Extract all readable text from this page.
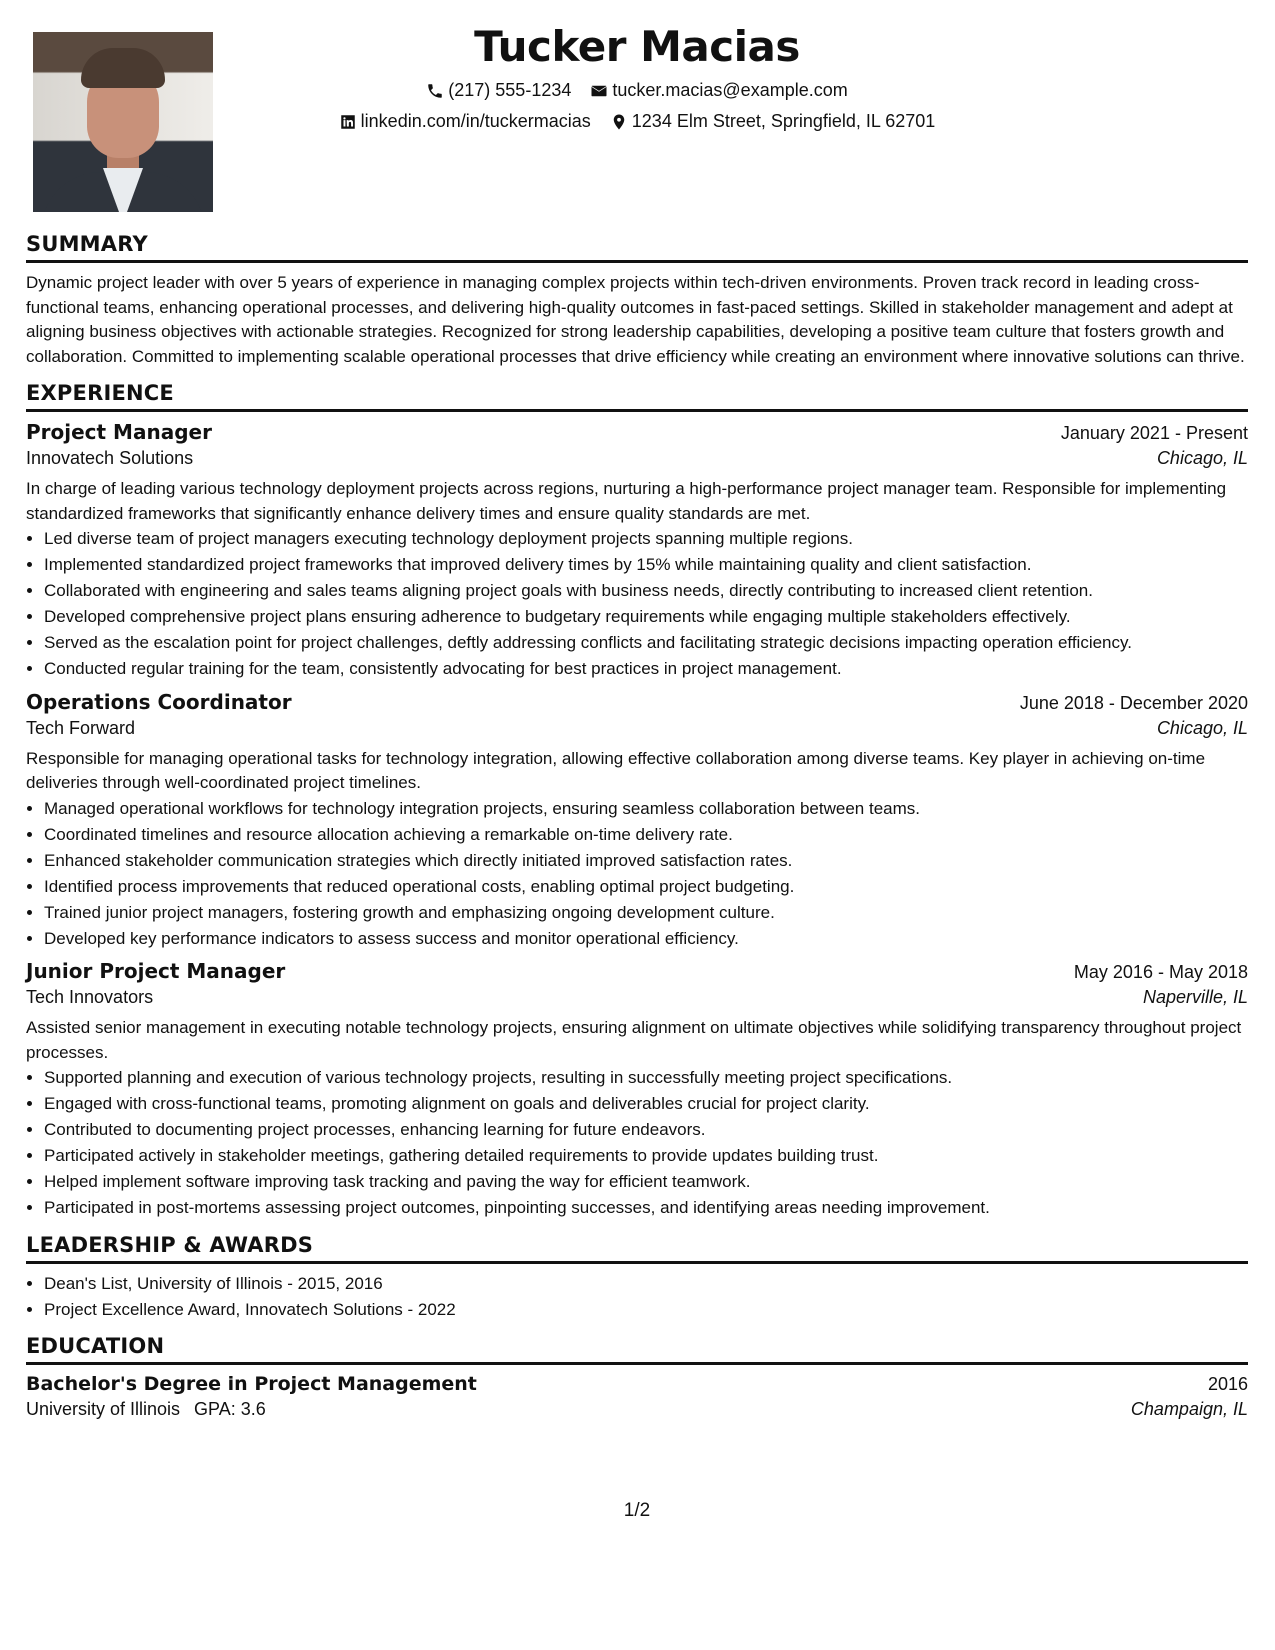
Tucker Macias
(217) 555-1234
tucker.macias@example.com
linkedin.com/in/tuckermacias
1234 Elm Street, Springfield, IL 62701
SUMMARY

Dynamic project leader with over 5 years of experience in managing complex projects within tech-driven environments. Proven track record in leading cross-functional teams, enhancing operational processes, and delivering high-quality outcomes in fast-paced settings. Skilled in stakeholder management and adept at aligning business objectives with actionable strategies. Recognized for strong leadership capabilities, developing a positive team culture that fosters growth and collaboration. Committed to implementing scalable operational processes that drive efficiency while creating an environment where innovative solutions can thrive.

EXPERIENCE
Project Manager	January 2021 - Present
Innovatech Solutions	Chicago, IL

In charge of leading various technology deployment projects across regions, nurturing a high-performance project manager team. Responsible for implementing standardized frameworks that significantly enhance delivery times and ensure quality standards are met.

• Led diverse team of project managers executing technology deployment projects spanning multiple regions.
• Implemented standardized project frameworks that improved delivery times by 15% while maintaining quality and client satisfaction.
• Collaborated with engineering and sales teams aligning project goals with business needs, directly contributing to increased client retention.
• Developed comprehensive project plans ensuring adherence to budgetary requirements while engaging multiple stakeholders effectively.
• Served as the escalation point for project challenges, deftly addressing conflicts and facilitating strategic decisions impacting operation efficiency.
• Conducted regular training for the team, consistently advocating for best practices in project management.
Operations Coordinator	June 2018 - December 2020
Tech Forward	Chicago, IL

Responsible for managing operational tasks for technology integration, allowing effective collaboration among diverse teams. Key player in achieving on-time deliveries through well-coordinated project timelines.

• Managed operational workflows for technology integration projects, ensuring seamless collaboration between teams.
• Coordinated timelines and resource allocation achieving a remarkable on-time delivery rate.
• Enhanced stakeholder communication strategies which directly initiated improved satisfaction rates.
• Identified process improvements that reduced operational costs, enabling optimal project budgeting.
• Trained junior project managers, fostering growth and emphasizing ongoing development culture.
• Developed key performance indicators to assess success and monitor operational efficiency.
Junior Project Manager	May 2016 - May 2018
Tech Innovators	Naperville, IL

Assisted senior management in executing notable technology projects, ensuring alignment on ultimate objectives while solidifying transparency throughout project processes.

• Supported planning and execution of various technology projects, resulting in successfully meeting project specifications.
• Engaged with cross-functional teams, promoting alignment on goals and deliverables crucial for project clarity.
• Contributed to documenting project processes, enhancing learning for future endeavors.
• Participated actively in stakeholder meetings, gathering detailed requirements to provide updates building trust.
• Helped implement software improving task tracking and paving the way for efficient teamwork.
• Participated in post-mortems assessing project outcomes, pinpointing successes, and identifying areas needing improvement.
LEADERSHIP & AWARDS
• Dean's List, University of Illinois - 2015, 2016
• Project Excellence Award, Innovatech Solutions - 2022
EDUCATION
Bachelor's Degree in Project Management	2016
University of Illinois GPA: 3.6	Champaign, IL
1/2
